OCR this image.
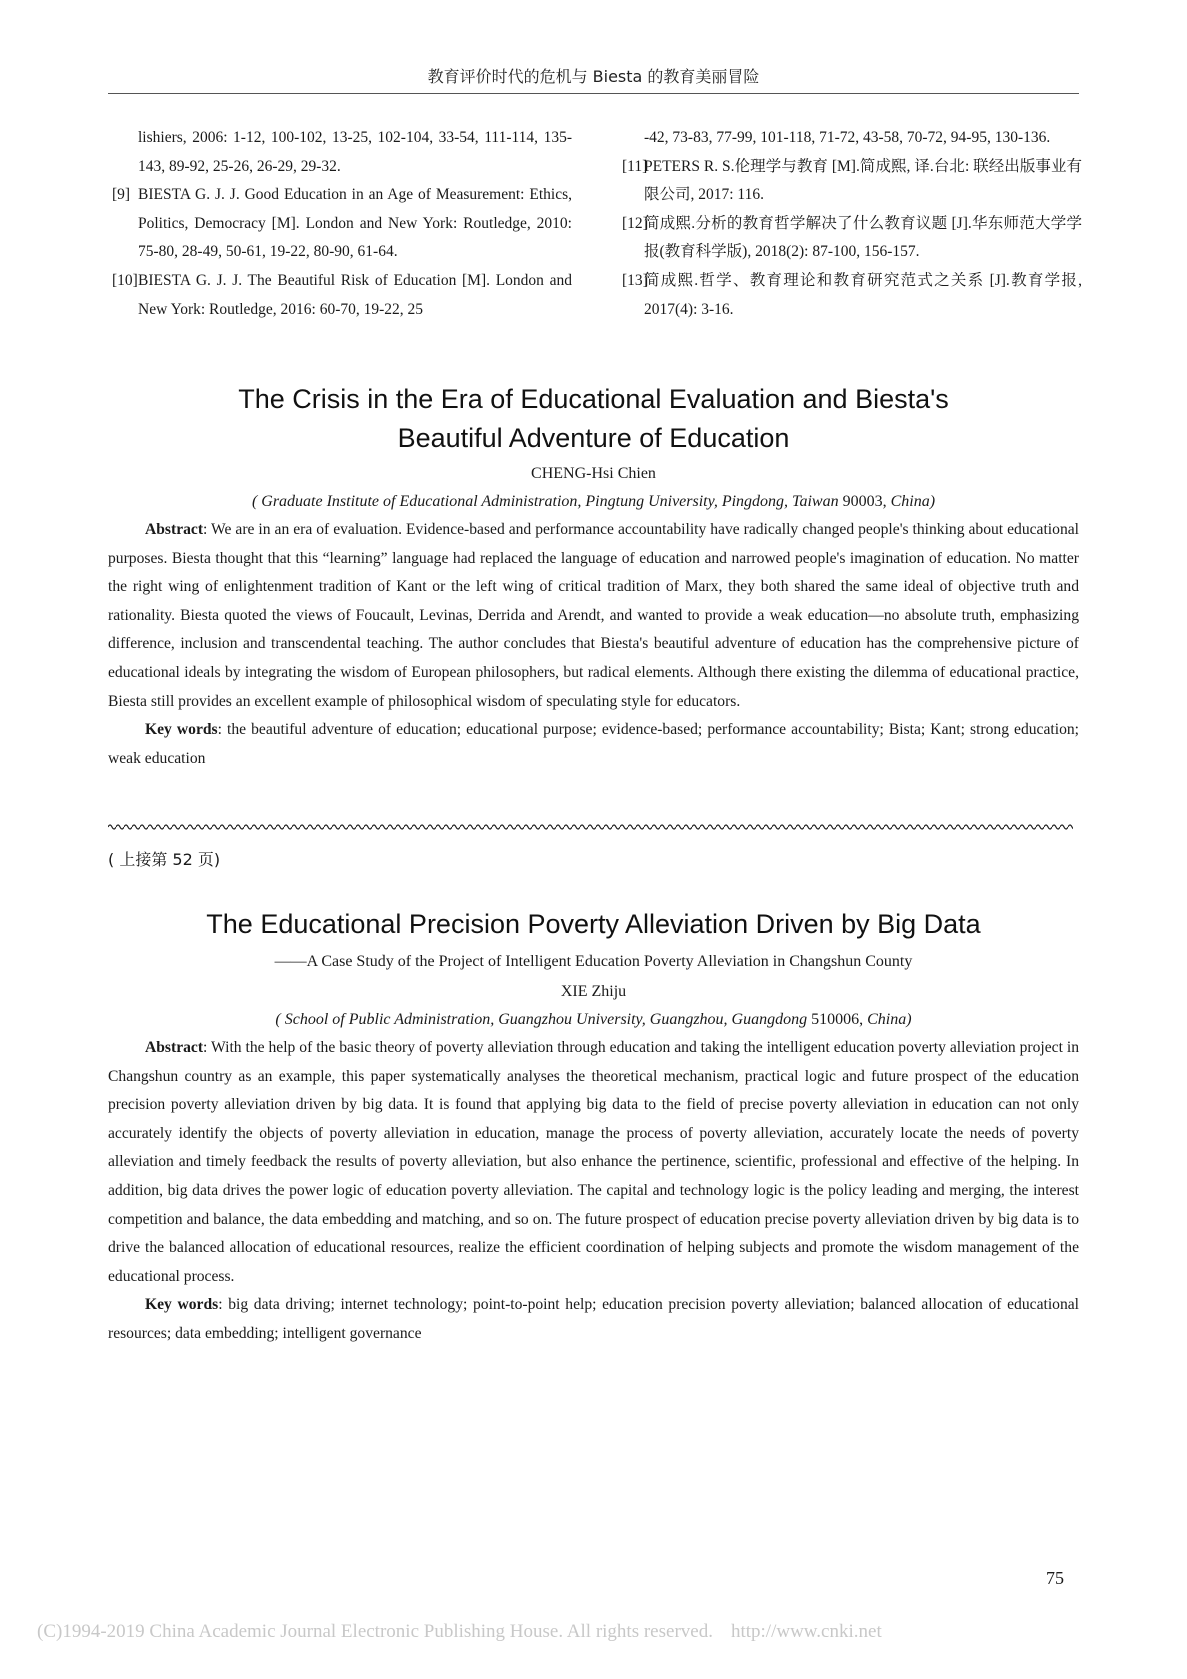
教育评价时代的危机与 Biesta 的教育美丽冒险
lishiers, 2006: 1-12, 100-102, 13-25, 102-104, 33-54, 111-114, 135-143, 89-92, 25-26, 26-29, 29-32.
[9] BIESTA G. J. J. Good Education in an Age of Measurement: Ethics, Politics, Democracy [M]. London and New York: Routledge, 2010: 75-80, 28-49, 50-61, 19-22, 80-90, 61-64.
[10] BIESTA G. J. J. The Beautiful Risk of Education [M]. London and New York: Routledge, 2016: 60-70, 19-22, 25
-42, 73-83, 77-99, 101-118, 71-72, 43-58, 70-72, 94-95, 130-136.
[11]
PETERS R. S.伦理学与教育 [M].简成熙, 译.台北: 联经出版事业有限公司, 2017: 116.
[12]
简成熙.分析的教育哲学解决了什么教育议题 [J].华东师范大学学报(教育科学版), 2018(2): 87-100, 156-157.
[13]
简成熙.哲学、教育理论和教育研究范式之关系 [J].教育学报, 2017(4): 3-16.
The Crisis in the Era of Educational Evaluation and Biesta's
Beautiful Adventure of Education
CHENG-Hsi Chien
( Graduate Institute of Educational Administration, Pingtung University, Pingdong, Taiwan 90003, China)
Abstract: We are in an era of evaluation. Evidence-based and performance accountability have radically changed people's thinking about educational purposes. Biesta thought that this “learning” language had replaced the language of education and narrowed people's imagination of education. No matter the right wing of enlightenment tradition of Kant or the left wing of critical tradition of Marx, they both shared the same ideal of objective truth and rationality. Biesta quoted the views of Foucault, Levinas, Derrida and Arendt, and wanted to provide a weak education—no absolute truth, emphasizing difference, inclusion and transcendental teaching. The author concludes that Biesta's beautiful adventure of education has the comprehensive picture of educational ideals by integrating the wisdom of European philosophers, but radical elements. Although there existing the dilemma of educational practice, Biesta still provides an excellent example of philosophical wisdom of speculating style for educators.
Key words: the beautiful adventure of education; educational purpose; evidence-based; performance accountability; Bista; Kant; strong education; weak education
( 上接第 52 页)
The Educational Precision Poverty Alleviation Driven by Big Data
——A Case Study of the Project of Intelligent Education Poverty Alleviation in Changshun County
XIE Zhiju
( School of Public Administration, Guangzhou University, Guangzhou, Guangdong 510006, China)
Abstract: With the help of the basic theory of poverty alleviation through education and taking the intelligent education poverty alleviation project in Changshun country as an example, this paper systematically analyses the theoretical mechanism, practical logic and future prospect of the education precision poverty alleviation driven by big data. It is found that applying big data to the field of precise poverty alleviation in education can not only accurately identify the objects of poverty alleviation in education, manage the process of poverty alleviation, accurately locate the needs of poverty alleviation and timely feedback the results of poverty alleviation, but also enhance the pertinence, scientific, professional and effective of the helping. In addition, big data drives the power logic of education poverty alleviation. The capital and technology logic is the policy leading and merging, the interest competition and balance, the data embedding and matching, and so on. The future prospect of education precise poverty alleviation driven by big data is to drive the balanced allocation of educational resources, realize the efficient coordination of helping subjects and promote the wisdom management of the educational process.
Key words: big data driving; internet technology; point-to-point help; education precision poverty alleviation; balanced allocation of educational resources; data embedding; intelligent governance
75
(C)1994-2019 China Academic Journal Electronic Publishing House. All rights reserved. http://www.cnki.net
